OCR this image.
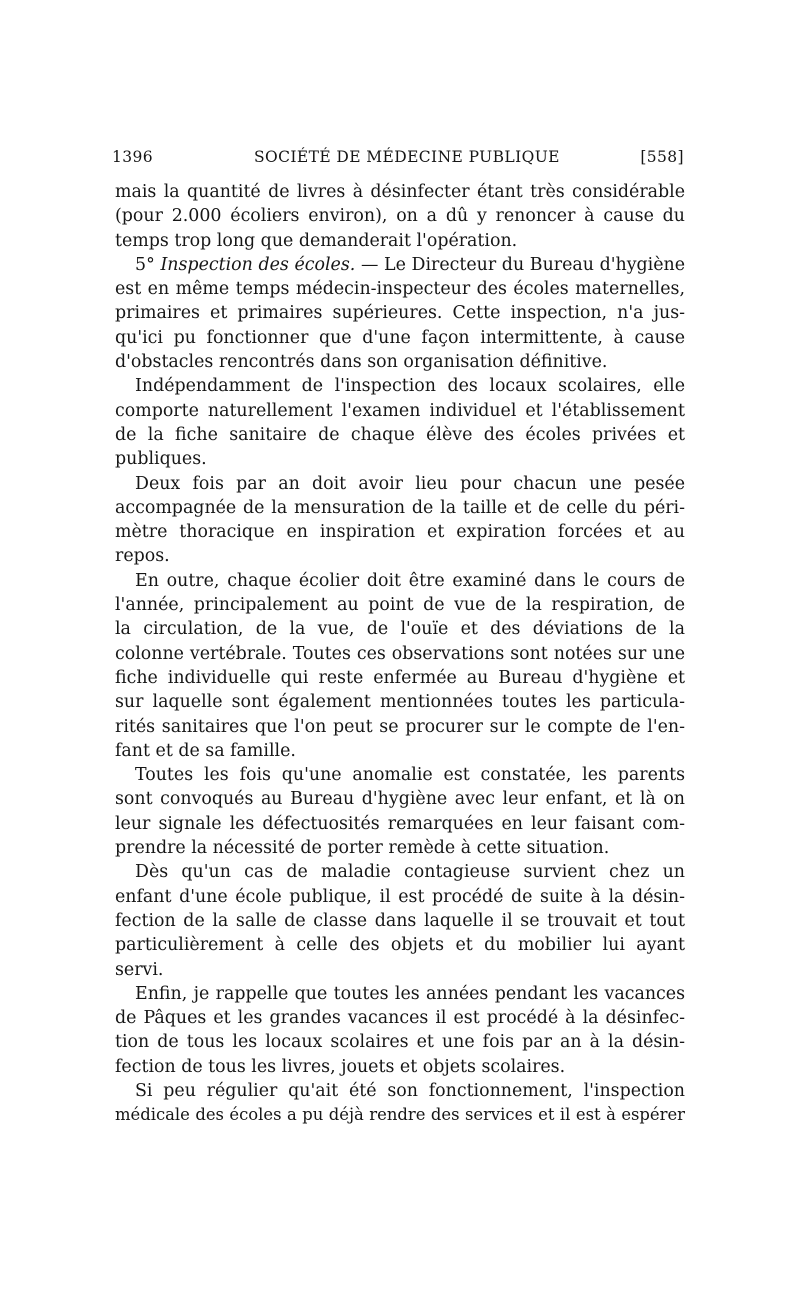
1396	SOCIÉTÉ DE MÉDECINE PUBLIQUE	[558]
mais la quantité de livres à désinfecter étant très considérable
(pour 2.000 écoliers environ), on a dû y renoncer à cause du
temps trop long que demanderait l'opération.
5° Inspection des écoles. — Le Directeur du Bureau d'hygiène
est en même temps médecin-inspecteur des écoles maternelles,
primaires et primaires supérieures. Cette inspection, n'a jus-
qu'ici pu fonctionner que d'une façon intermittente, à cause
d'obstacles rencontrés dans son organisation définitive.
Indépendamment de l'inspection des locaux scolaires, elle
comporte naturellement l'examen individuel et l'établissement
de la fiche sanitaire de chaque élève des écoles privées et
publiques.
Deux fois par an doit avoir lieu pour chacun une pesée
accompagnée de la mensuration de la taille et de celle du péri-
mètre thoracique en inspiration et expiration forcées et au
repos.
En outre, chaque écolier doit être examiné dans le cours de
l'année, principalement au point de vue de la respiration, de
la circulation, de la vue, de l'ouïe et des déviations de la
colonne vertébrale. Toutes ces observations sont notées sur une
fiche individuelle qui reste enfermée au Bureau d'hygiène et
sur laquelle sont également mentionnées toutes les particula-
rités sanitaires que l'on peut se procurer sur le compte de l'en-
fant et de sa famille.
Toutes les fois qu'une anomalie est constatée, les parents
sont convoqués au Bureau d'hygiène avec leur enfant, et là on
leur signale les défectuosités remarquées en leur faisant com-
prendre la nécessité de porter remède à cette situation.
Dès qu'un cas de maladie contagieuse survient chez un
enfant d'une école publique, il est procédé de suite à la désin-
fection de la salle de classe dans laquelle il se trouvait et tout
particulièrement à celle des objets et du mobilier lui ayant
servi.
Enfin, je rappelle que toutes les années pendant les vacances
de Pâques et les grandes vacances il est procédé à la désinfec-
tion de tous les locaux scolaires et une fois par an à la désin-
fection de tous les livres, jouets et objets scolaires.
Si peu régulier qu'ait été son fonctionnement, l'inspection
médicale des écoles a pu déjà rendre des services et il est à espérer
